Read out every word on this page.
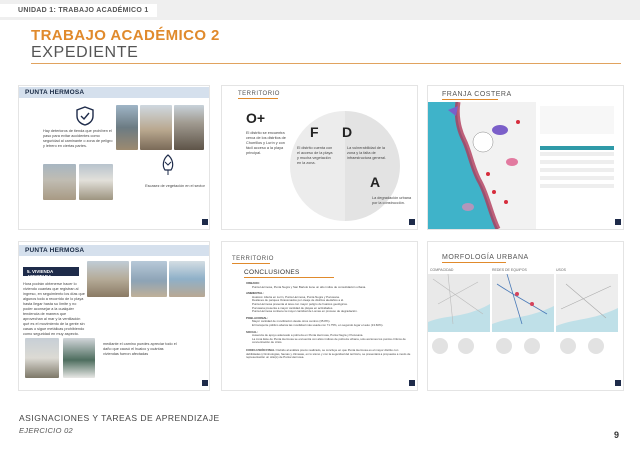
UNIDAD 1: TRABAJO ACADÉMICO 1
TRABAJO ACADÉMICO 2
EXPEDIENTE
PUNTA HERMOSA
Hay deterioros de tienda que prohíben el paso para evitar accidentes como seguridad al caminante o zona de peligro y letrero en ciertas partes.
Escasez de vegetación en el sector
TERRITORIO
O+
El distrito se encuentra cerca de los distritos de Chorrillos y Lurín y con fácil acceso a la playa principal.
F D
El distrito cuenta con el acceso de la playa y mucha vegetación en la zona.
La vulnerabilidad de la zona y la falta de infraestructura general.
A
La degradación urbana por la construcción.
FRANJA COSTERA
PUNTA HERMOSA
5. VIVIENDA AFECTADA
Hora podrán obtenerse hacer lo viviendo cuantas que registran al ingreso, en seguimiento los días que algunos todo a recorrido de lo playa hasta llegar hasta su límite y no poder aconsejar a la cualquier tendencia de manera que aprovechan al mar y la ventilación qué es el movimiento de la gente sin casas o sigue metálicas prohibiendo como seguridad en muy aspecto.
mediante el camino puedes apreciar todo el daño que causó el huaico y cuántas viviendas fueron afectadas
TERRITORIO
CONCLUSIONES
URBANO:
Punta Hermosa, Punta Negra y San Bartolo tiene un alto índice de consolidación urbana.
AMBIENTAL:
Huaicos: Afecta en Lurín, Punta Hermosa, Punta Negra y Pucusana.
Deslaves de parques Ocasionados por oleaje de distritos aledaños a él.
Punta Hermosa presenta el área con mayor peligro de huaicos geológicos.
Pucusana presenta a mayor cantidad de playas en actividades.
Punta Hermosa contiene la mayor cantidad de Lomas en proceso de degradación.
POBLACIONAL:
Mayor cantidad de movilización desde otros centros (35.8%).
El transporte público abarca las movilidad más usada con 71.75%, en segundo lugar el auto (13.60%).
SOCIAL:
Ausencia de apoyo adecuado a pobreza en Punta Hermosa, Punta Negra y Pucusana.
La zona Este de Punta Hermosa se encuentra con altos índices de pobreza urbana, solo acciones los puntos críticos de concentración de crisis.
CONCLUSIÓN FINAL: Debido al análisis previo realizado, se concluye en que Punta Hermosa es el mayor distrito con debilidades (criminologías, faunas y climasas, en lo sismo y con la seguridad del territorio, se presentará a propuesta a modo de representación un sitio(s) de Punta Hermosa.
MORFOLOGÍA URBANA
COMPACIDAD	REDES DE EQUIPOS	USOS
ASIGNACIONES Y TAREAS DE APRENDIZAJE
EJERCICIO 02	9
